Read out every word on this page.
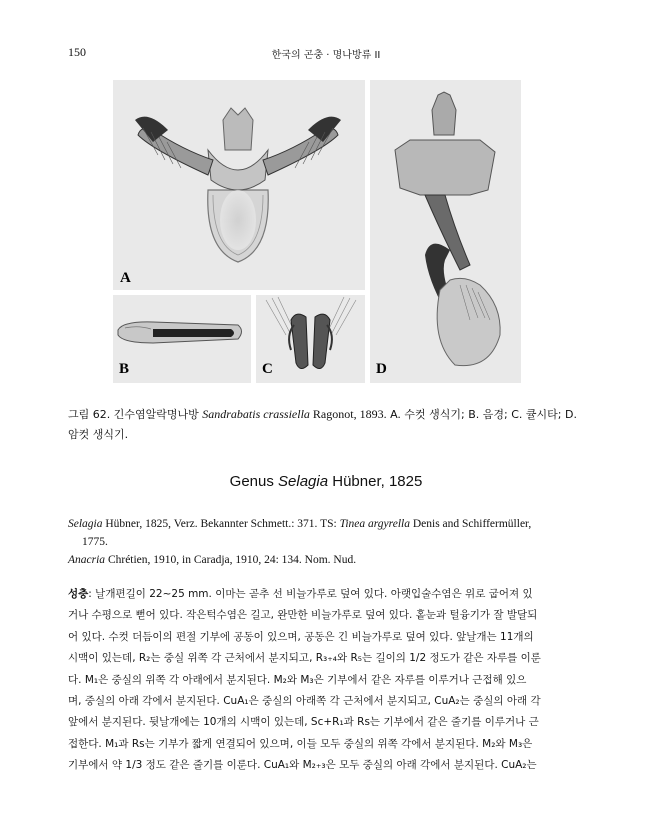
150	한국의 곤충 · 명나방류 II
A
B	C	D
그림 62. 긴수염알락명나방 Sandrabatis crassiella Ragonot, 1893. A. 수컷 생식기; B. 음경; C. 큘시타; D.
암컷 생식기.
Genus Selagia Hübner, 1825
Selagia Hübner, 1825, Verz. Bekannter Schmett.: 371. TS: Tinea argyrella Denis and Schiffermüller,
1775.
Anacria Chrétien, 1910, in Caradja, 1910, 24: 134. Nom. Nud.
성충: 날개편길이 22~25 mm. 이마는 곧추 선 비늘가루로 덮여 있다. 아랫입술수염은 위로 굽어져 있
거나 수평으로 뻗어 있다. 작은턱수염은 길고, 완만한 비늘가루로 덮여 있다. 홑눈과 털융기가 잘 발달되
어 있다. 수컷 더듬이의 편절 기부에 공동이 있으며, 공동은 긴 비늘가루로 덮여 있다. 앞날개는 11개의
시맥이 있는데, R₂는 중실 위쪽 각 근처에서 분지되고, R₃₊₄와 R₅는 길이의 1/2 정도가 같은 자루를 이룬
다. M₁은 중실의 위쪽 각 아래에서 분지된다. M₂와 M₃은 기부에서 같은 자루를 이루거나 근접해 있으
며, 중실의 아래 각에서 분지된다. CuA₁은 중실의 아래쪽 각 근처에서 분지되고, CuA₂는 중실의 아래 각
앞에서 분지된다. 뒷날개에는 10개의 시맥이 있는데, Sc+R₁과 Rs는 기부에서 같은 줄기를 이루거나 근
접한다. M₁과 Rs는 기부가 짧게 연결되어 있으며, 이들 모두 중실의 위쪽 각에서 분지된다. M₂와 M₃은
기부에서 약 1/3 정도 같은 줄기를 이룬다. CuA₁와 M₂₊₃은 모두 중실의 아래 각에서 분지된다. CuA₂는
